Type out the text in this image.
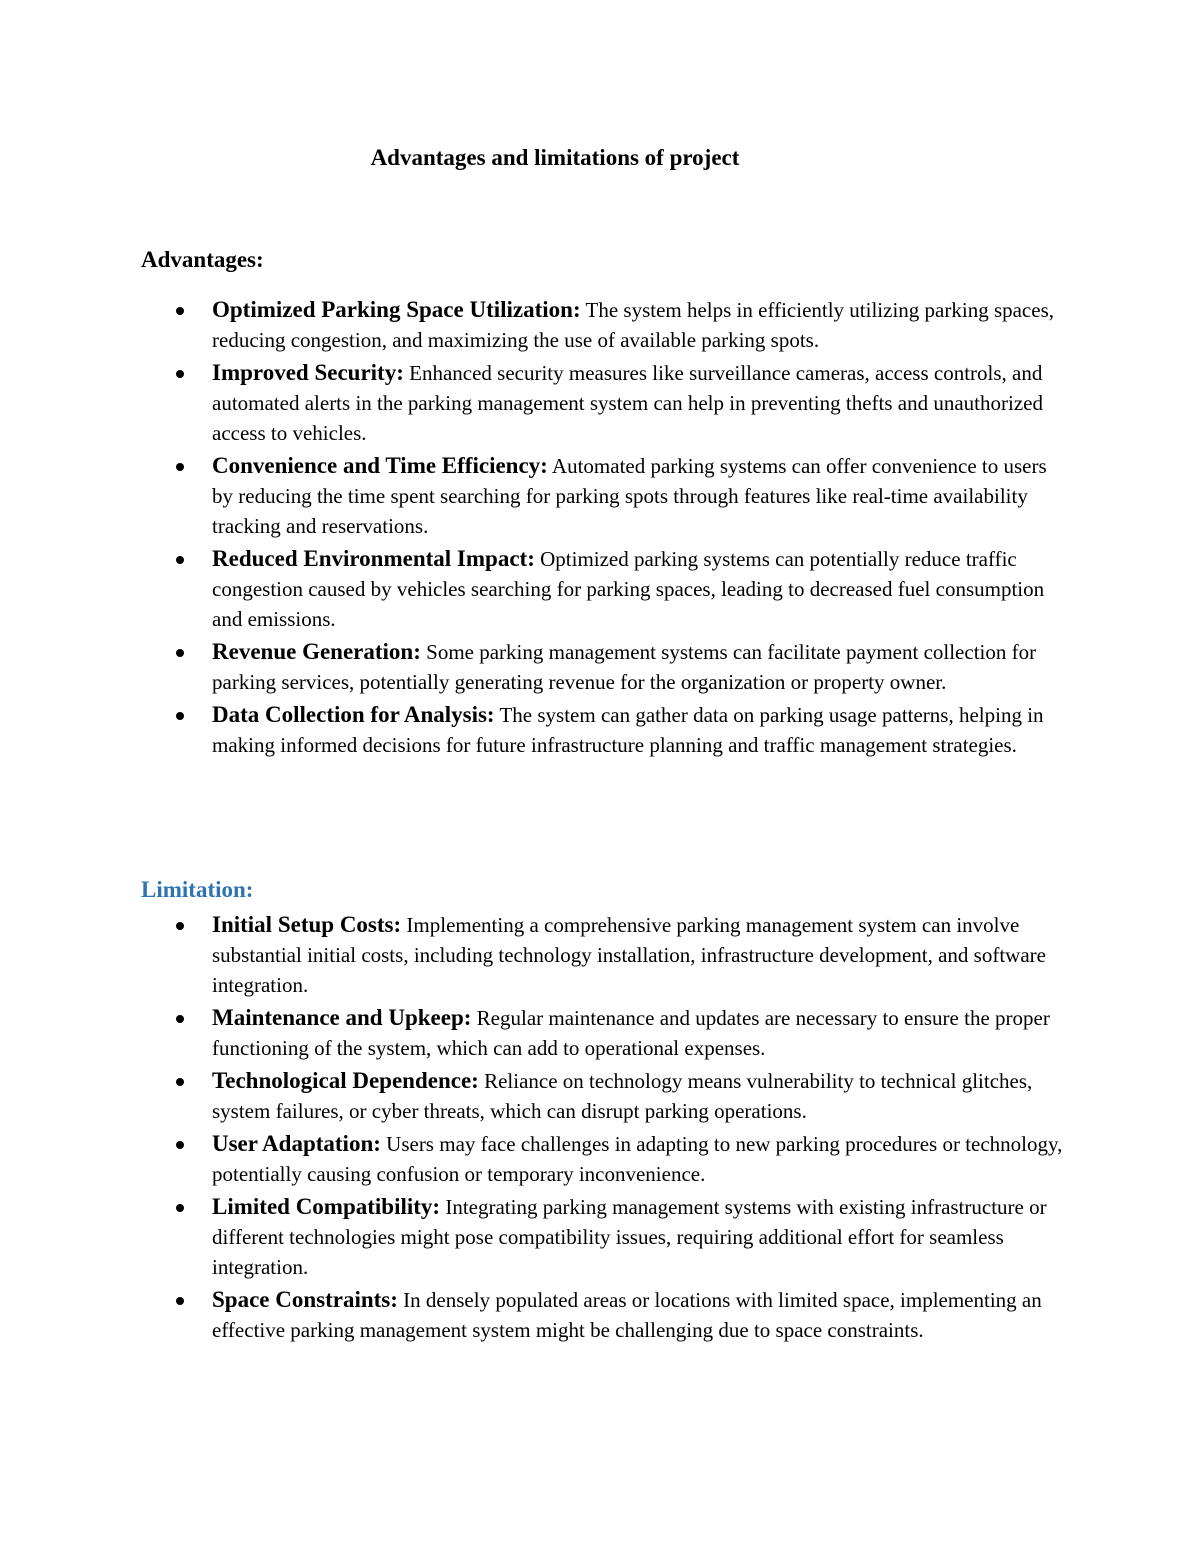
Advantages and limitations of project
Advantages:
Optimized Parking Space Utilization: The system helps in efficiently utilizing parking spaces, reducing congestion, and maximizing the use of available parking spots.
Improved Security: Enhanced security measures like surveillance cameras, access controls, and automated alerts in the parking management system can help in preventing thefts and unauthorized access to vehicles.
Convenience and Time Efficiency: Automated parking systems can offer convenience to users by reducing the time spent searching for parking spots through features like real-time availability tracking and reservations.
Reduced Environmental Impact: Optimized parking systems can potentially reduce traffic congestion caused by vehicles searching for parking spaces, leading to decreased fuel consumption and emissions.
Revenue Generation: Some parking management systems can facilitate payment collection for parking services, potentially generating revenue for the organization or property owner.
Data Collection for Analysis: The system can gather data on parking usage patterns, helping in making informed decisions for future infrastructure planning and traffic management strategies.
Limitation:
Initial Setup Costs: Implementing a comprehensive parking management system can involve substantial initial costs, including technology installation, infrastructure development, and software integration.
Maintenance and Upkeep: Regular maintenance and updates are necessary to ensure the proper functioning of the system, which can add to operational expenses.
Technological Dependence: Reliance on technology means vulnerability to technical glitches, system failures, or cyber threats, which can disrupt parking operations.
User Adaptation: Users may face challenges in adapting to new parking procedures or technology, potentially causing confusion or temporary inconvenience.
Limited Compatibility: Integrating parking management systems with existing infrastructure or different technologies might pose compatibility issues, requiring additional effort for seamless integration.
Space Constraints: In densely populated areas or locations with limited space, implementing an effective parking management system might be challenging due to space constraints.
